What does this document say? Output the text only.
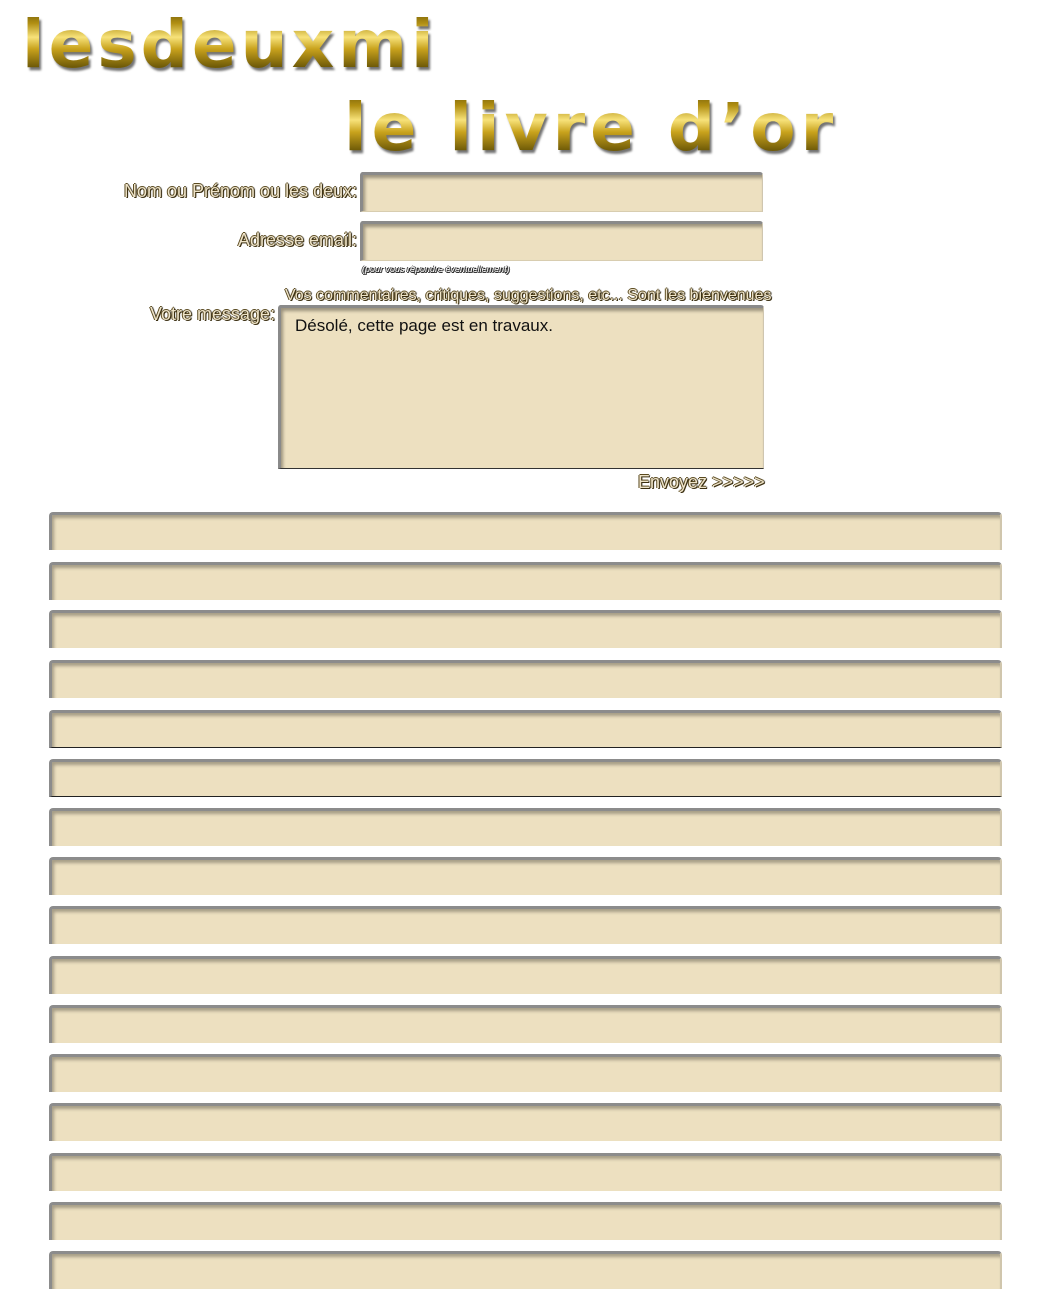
lesdeuxmi
le livre d’or
Nom ou Prénom ou les deux:
Adresse email:
(pour vous répondre éventuellement)
Vos commentaires, critiques, suggestions, etc... Sont les bienvenues
Votre message:
Désolé, cette page est en travaux.
Envoyez >>>>>
